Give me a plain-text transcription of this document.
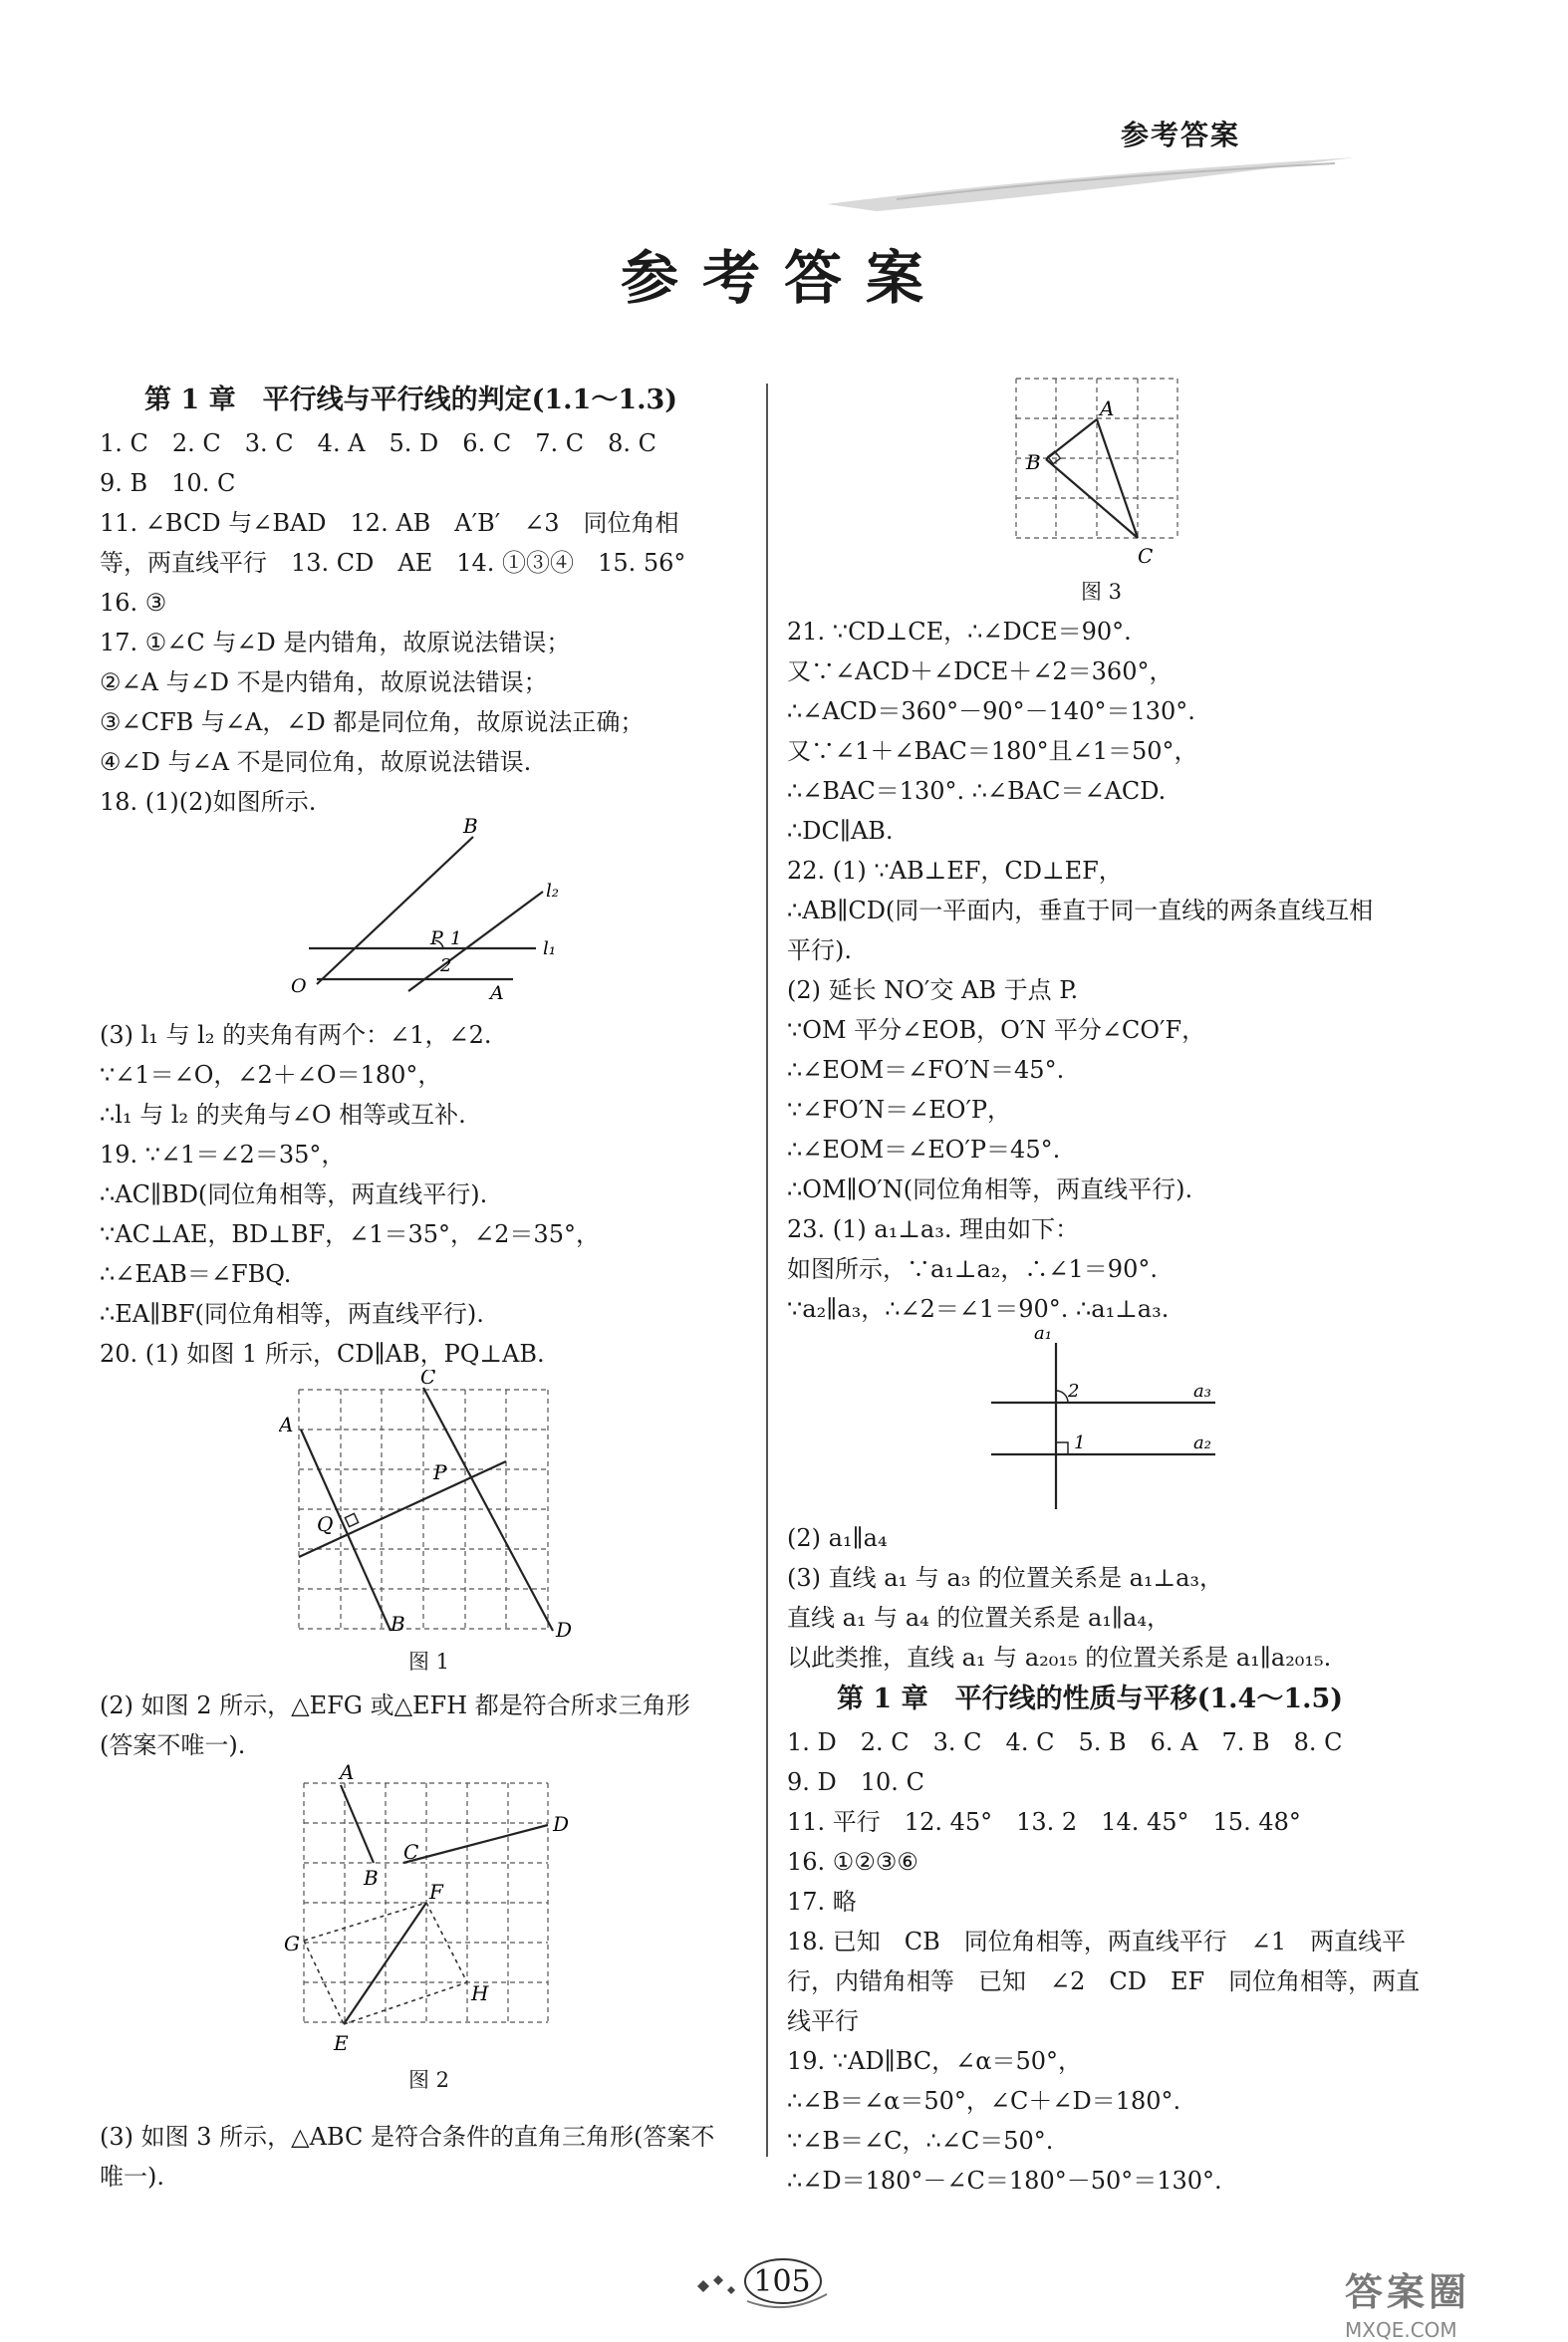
参考答案
参考答案
第 1 章　平行线与平行线的判定(1.1～1.3)
第 1 章　平行线的性质与平移(1.4～1.5)
1. C　2. C　3. C　4. A　5. D　6. C　7. C　8. C
9. B　10. C
11. ∠BCD 与∠BAD　12. AB　A′B′　∠3　同位角相
等，两直线平行　13. CD　AE　14. ①③④　15. 56°
16. ③
17. ①∠C 与∠D 是内错角，故原说法错误；
②∠A 与∠D 不是内错角，故原说法错误；
③∠CFB 与∠A，∠D 都是同位角，故原说法正确；
④∠D 与∠A 不是同位角，故原说法错误.
18. (1)(2)如图所示.
B
l₂
l₁
P 1
2
O	A
(3) l₁ 与 l₂ 的夹角有两个：∠1，∠2.
∵∠1＝∠O，∠2＋∠O＝180°，
∴l₁ 与 l₂ 的夹角与∠O 相等或互补.
19. ∵∠1＝∠2＝35°，
∴AC∥BD(同位角相等，两直线平行).
∵AC⊥AE，BD⊥BF，∠1＝35°，∠2＝35°，
∴∠EAB＝∠FBQ.
∴EA∥BF(同位角相等，两直线平行).
20. (1) 如图 1 所示，CD∥AB，PQ⊥AB.
C
A
P
Q
B	D
图 1
(2) 如图 2 所示，△EFG 或△EFH 都是符合所求三角形
(答案不唯一).
A
D
C
B
F
G
H
E
图 2
(3) 如图 3 所示，△ABC 是符合条件的直角三角形(答案不
唯一).
A
B
C
图 3
21. ∵CD⊥CE，∴∠DCE＝90°.
又∵∠ACD＋∠DCE＋∠2＝360°，
∴∠ACD＝360°－90°－140°＝130°.
又∵∠1＋∠BAC＝180°且∠1＝50°，
∴∠BAC＝130°. ∴∠BAC＝∠ACD.
∴DC∥AB.
22. (1) ∵AB⊥EF，CD⊥EF，
∴AB∥CD(同一平面内，垂直于同一直线的两条直线互相
平行).
(2) 延长 NO′交 AB 于点 P.
∵OM 平分∠EOB，O′N 平分∠CO′F，
∴∠EOM＝∠FO′N＝45°.
∵∠FO′N＝∠EO′P，
∴∠EOM＝∠EO′P＝45°.
∴OM∥O′N(同位角相等，两直线平行).
23. (1) a₁⊥a₃. 理由如下：
如图所示，∵a₁⊥a₂，∴∠1＝90°.
∵a₂∥a₃，∴∠2＝∠1＝90°. ∴a₁⊥a₃.
a₁
2	a₃
1	a₂
(2) a₁∥a₄
(3) 直线 a₁ 与 a₃ 的位置关系是 a₁⊥a₃，
直线 a₁ 与 a₄ 的位置关系是 a₁∥a₄，
以此类推，直线 a₁ 与 a₂₀₁₅ 的位置关系是 a₁∥a₂₀₁₅.
1. D　2. C　3. C　4. C　5. B　6. A　7. B　8. C
9. D　10. C
11. 平行　12. 45°　13. 2　14. 45°　15. 48°
16. ①②③⑥
17. 略
18. 已知　CB　同位角相等，两直线平行　∠1　两直线平
行，内错角相等　已知　∠2　CD　EF　同位角相等，两直
线平行
19. ∵AD∥BC，∠α＝50°，
∴∠B＝∠α＝50°，∠C＋∠D＝180°.
∵∠B＝∠C，∴∠C＝50°.
∴∠D＝180°－∠C＝180°－50°＝130°.
105	答案圈
MXQE.COM
